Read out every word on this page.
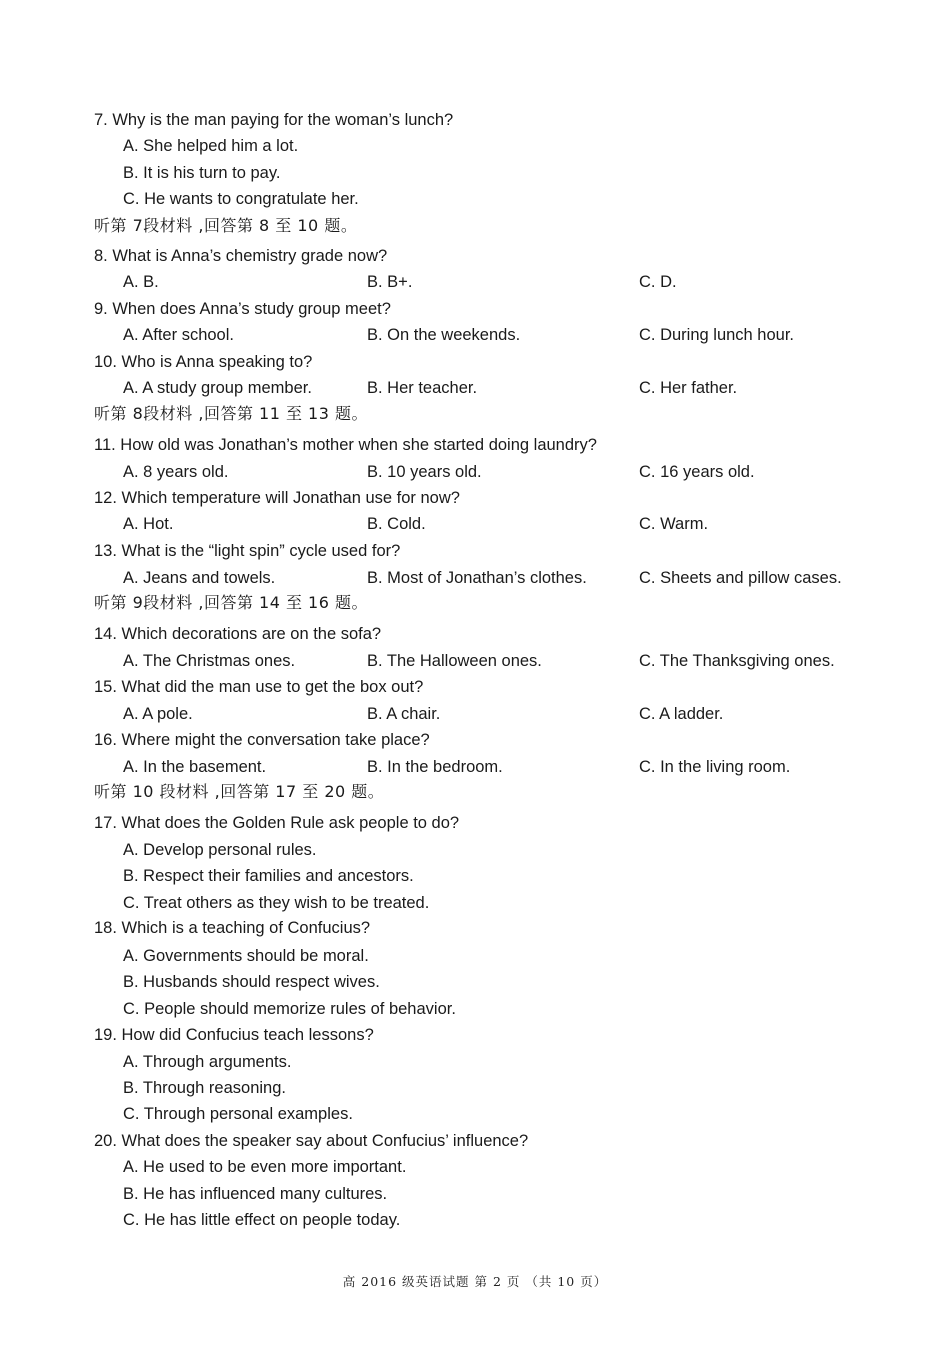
7. Why is the man paying for the woman’s lunch?
A. She helped him a lot.
B. It is his turn to pay.
C. He wants to congratulate her.
听第 7段材料 ,回答第 8 至 10 题。
8. What is Anna’s chemistry grade now?
A. B.	B. B+.	C. D.
9. When does Anna’s study group meet?
A. After school.	B. On the weekends.	C. During lunch hour.
10. Who is Anna speaking to?
A. A study group member.	B. Her teacher.	C. Her father.
听第 8段材料 ,回答第 11 至 13 题。
11. How old was Jonathan’s mother when she started doing laundry?
A. 8 years old.	B. 10 years old.	C. 16 years old.
12. Which temperature will Jonathan use for now?
A. Hot.	B. Cold.	C. Warm.
13. What is the “light spin” cycle used for?
A. Jeans and towels.	B. Most of Jonathan’s clothes.	C. Sheets and pillow cases.
听第 9段材料 ,回答第 14 至 16 题。
14. Which decorations are on the sofa?
A. The Christmas ones.	B. The Halloween ones.	C. The Thanksgiving ones.
15. What did the man use to get the box out?
A. A pole.	B. A chair.	C. A ladder.
16. Where might the conversation take place?
A. In the basement.	B. In the bedroom.	C. In the living room.
听第 10 段材料 ,回答第 17 至 20 题。
17. What does the Golden Rule ask people to do?
A. Develop personal rules.
B. Respect their families and ancestors.
C. Treat others as they wish to be treated.
18. Which is a teaching of Confucius?
A. Governments should be moral.
B. Husbands should respect wives.
C. People should memorize rules of behavior.
19. How did Confucius teach lessons?
A. Through arguments.
B. Through reasoning.
C. Through personal examples.
20. What does the speaker say about Confucius’ influence?
A. He used to be even more important.
B. He has influenced many cultures.
C. He has little effect on people today.
高 2016 级英语试题 第 2 页 （共 10 页）
